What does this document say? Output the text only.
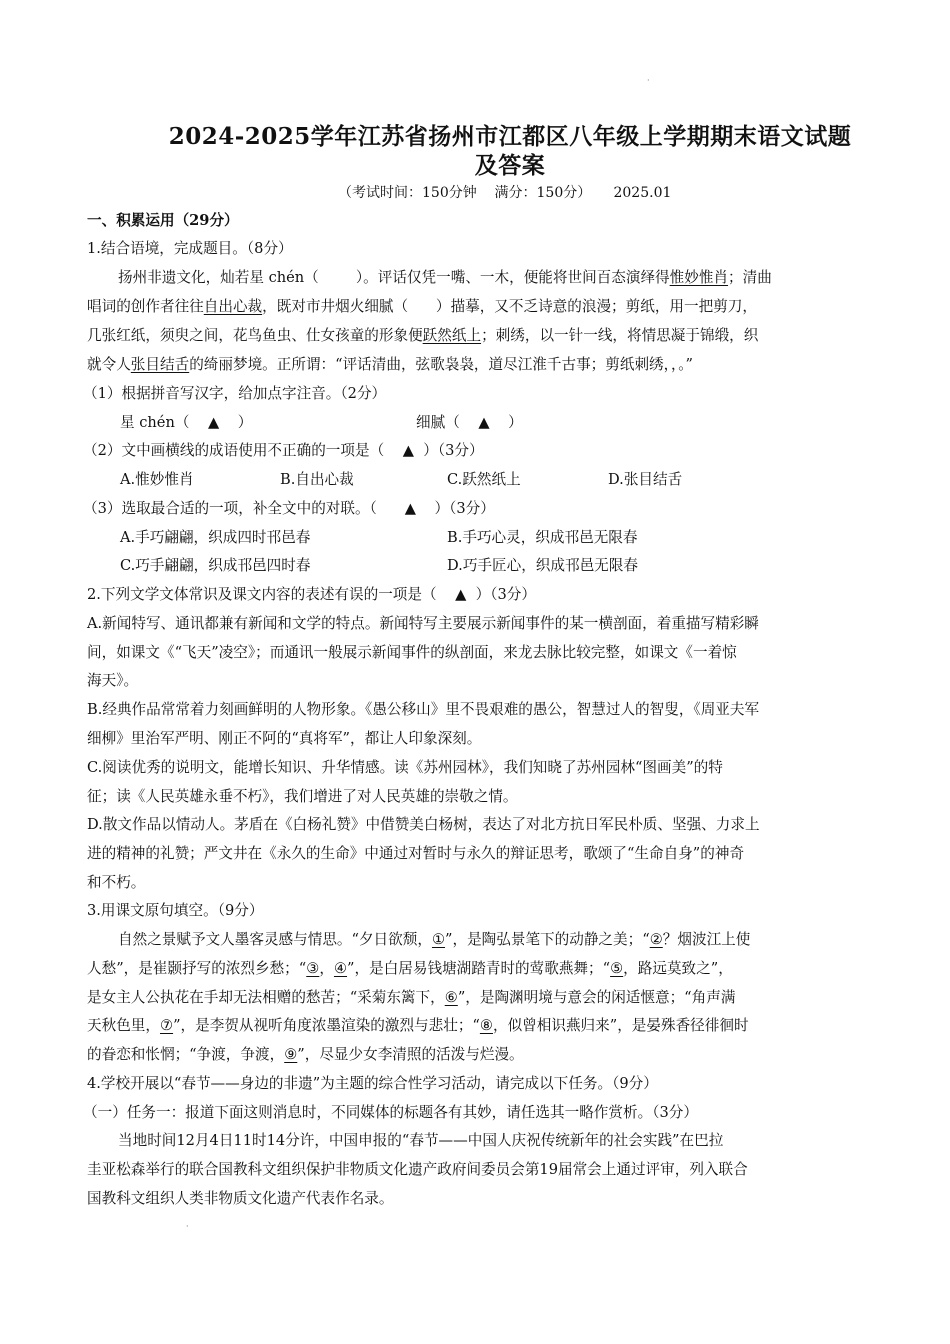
·
2024-2025学年江苏省扬州市江都区八年级上学期期末语文试题
及答案
（考试时间：150分钟    满分：150分）     2025.01
一、积累运用（29分）
1.结合语境，完成题目。（8分）
扬州非遗文化，灿若星 chén（        ）。评话仅凭一嘴、一木，便能将世间百态演绎得惟妙惟肖；清曲
唱词的创作者往往自出心裁，既对市井烟火细腻（      ）描摹，又不乏诗意的浪漫；剪纸，用一把剪刀，
几张红纸，须臾之间，花鸟鱼虫、仕女孩童的形象便跃然纸上；刺绣，以一针一线，将情思凝于锦缎，织
就令人张目结舌的绮丽梦境。正所谓：“评话清曲，弦歌袅袅，道尽江淮千古事；剪纸刺绣，，。”
（1）根据拼音写汉字，给加点字注音。（2分）
星 chén（    ▲    ）	细腻（    ▲    ）
（2）文中画横线的成语使用不正确的一项是（    ▲  ）（3分）
A.惟妙惟肖	B.自出心裁	C.跃然纸上	D.张目结舌
（3）选取最合适的一项，补全文中的对联。（      ▲    ）（3分）
A.手巧翩翩，织成四时邗邑春	B.手巧心灵，织成邗邑无限春
C.巧手翩翩，织成邗邑四时春	D.巧手匠心，织成邗邑无限春
2.下列文学文体常识及课文内容的表述有误的一项是（    ▲  ）（3分）
A.新闻特写、通讯都兼有新闻和文学的特点。新闻特写主要展示新闻事件的某一横剖面，着重描写精彩瞬
间，如课文《“飞天”凌空》；而通讯一般展示新闻事件的纵剖面，来龙去脉比较完整，如课文《一着惊
海天》。
B.经典作品常常着力刻画鲜明的人物形象。《愚公移山》里不畏艰难的愚公，智慧过人的智叟，《周亚夫军
细柳》里治军严明、刚正不阿的“真将军”，都让人印象深刻。
C.阅读优秀的说明文，能增长知识、升华情感。读《苏州园林》，我们知晓了苏州园林“图画美”的特
征；读《人民英雄永垂不朽》，我们增进了对人民英雄的崇敬之情。
D.散文作品以情动人。茅盾在《白杨礼赞》中借赞美白杨树，表达了对北方抗日军民朴质、坚强、力求上
进的精神的礼赞；严文井在《永久的生命》中通过对暂时与永久的辩证思考，歌颂了“生命自身”的神奇
和不朽。
3.用课文原句填空。（9分）
自然之景赋予文人墨客灵感与情思。“夕日欲颓，①”，是陶弘景笔下的动静之美；“②？烟波江上使
人愁”，是崔颢抒写的浓烈乡愁；“③，④”，是白居易钱塘湖踏青时的莺歌燕舞；“⑤，路远莫致之”，
是女主人公执花在手却无法相赠的愁苦；“采菊东篱下，⑥”，是陶渊明境与意会的闲适惬意；“角声满
天秋色里，⑦”，是李贺从视听角度浓墨渲染的激烈与悲壮；“⑧，似曾相识燕归来”，是晏殊香径徘徊时
的眷恋和怅惘；“争渡，争渡，⑨”，尽显少女李清照的活泼与烂漫。
4.学校开展以“春节——身边的非遗”为主题的综合性学习活动，请完成以下任务。（9分）
（一）任务一：报道下面这则消息时，不同媒体的标题各有其妙，请任选其一略作赏析。（3分）
当地时间12月4日11时14分许，中国申报的“春节——中国人庆祝传统新年的社会实践”在巴拉
圭亚松森举行的联合国教科文组织保护非物质文化遗产政府间委员会第19届常会上通过评审，列入联合
国教科文组织人类非物质文化遗产代表作名录。
·
